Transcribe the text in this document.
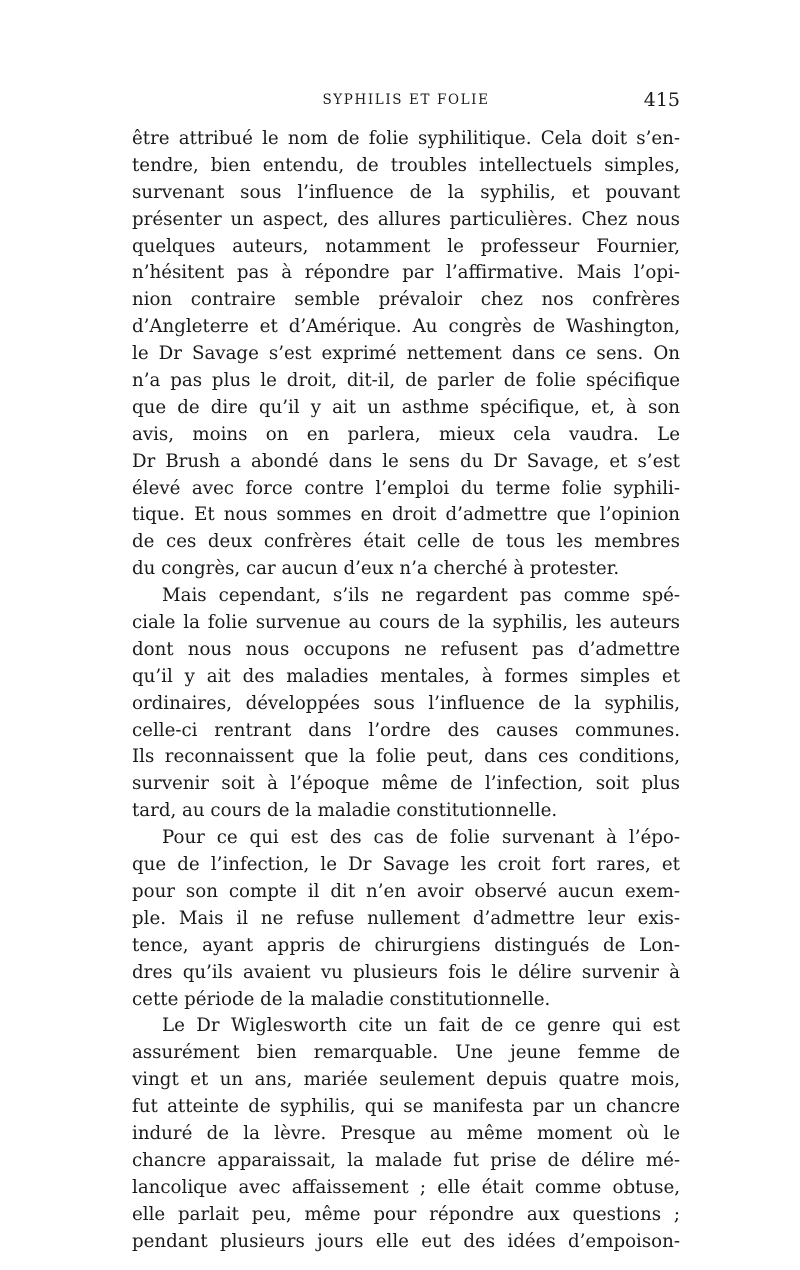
SYPHILIS ET FOLIE	415
être attribué le nom de folie syphilitique. Cela doit s’en-
tendre, bien entendu, de troubles intellectuels simples,
survenant sous l’influence de la syphilis, et pouvant
présenter un aspect, des allures particulières. Chez nous
quelques auteurs, notamment le professeur Fournier,
n’hésitent pas à répondre par l’affirmative. Mais l’opi-
nion contraire semble prévaloir chez nos confrères
d’Angleterre et d’Amérique. Au congrès de Washington,
le Dr Savage s’est exprimé nettement dans ce sens. On
n’a pas plus le droit, dit-il, de parler de folie spécifique
que de dire qu’il y ait un asthme spécifique, et, à son
avis, moins on en parlera, mieux cela vaudra. Le
Dr Brush a abondé dans le sens du Dr Savage, et s’est
élevé avec force contre l’emploi du terme folie syphili-
tique. Et nous sommes en droit d’admettre que l’opinion
de ces deux confrères était celle de tous les membres
du congrès, car aucun d’eux n’a cherché à protester.
Mais cependant, s’ils ne regardent pas comme spé-
ciale la folie survenue au cours de la syphilis, les auteurs
dont nous nous occupons ne refusent pas d’admettre
qu’il y ait des maladies mentales, à formes simples et
ordinaires, développées sous l’influence de la syphilis,
celle-ci rentrant dans l’ordre des causes communes.
Ils reconnaissent que la folie peut, dans ces conditions,
survenir soit à l’époque même de l’infection, soit plus
tard, au cours de la maladie constitutionnelle.
Pour ce qui est des cas de folie survenant à l’épo-
que de l’infection, le Dr Savage les croit fort rares, et
pour son compte il dit n’en avoir observé aucun exem-
ple. Mais il ne refuse nullement d’admettre leur exis-
tence, ayant appris de chirurgiens distingués de Lon-
dres qu’ils avaient vu plusieurs fois le délire survenir à
cette période de la maladie constitutionnelle.
Le Dr Wiglesworth cite un fait de ce genre qui est
assurément bien remarquable. Une jeune femme de
vingt et un ans, mariée seulement depuis quatre mois,
fut atteinte de syphilis, qui se manifesta par un chancre
induré de la lèvre. Presque au même moment où le
chancre apparaissait, la malade fut prise de délire mé-
lancolique avec affaissement ; elle était comme obtuse,
elle parlait peu, même pour répondre aux questions ;
pendant plusieurs jours elle eut des idées d’empoison-
